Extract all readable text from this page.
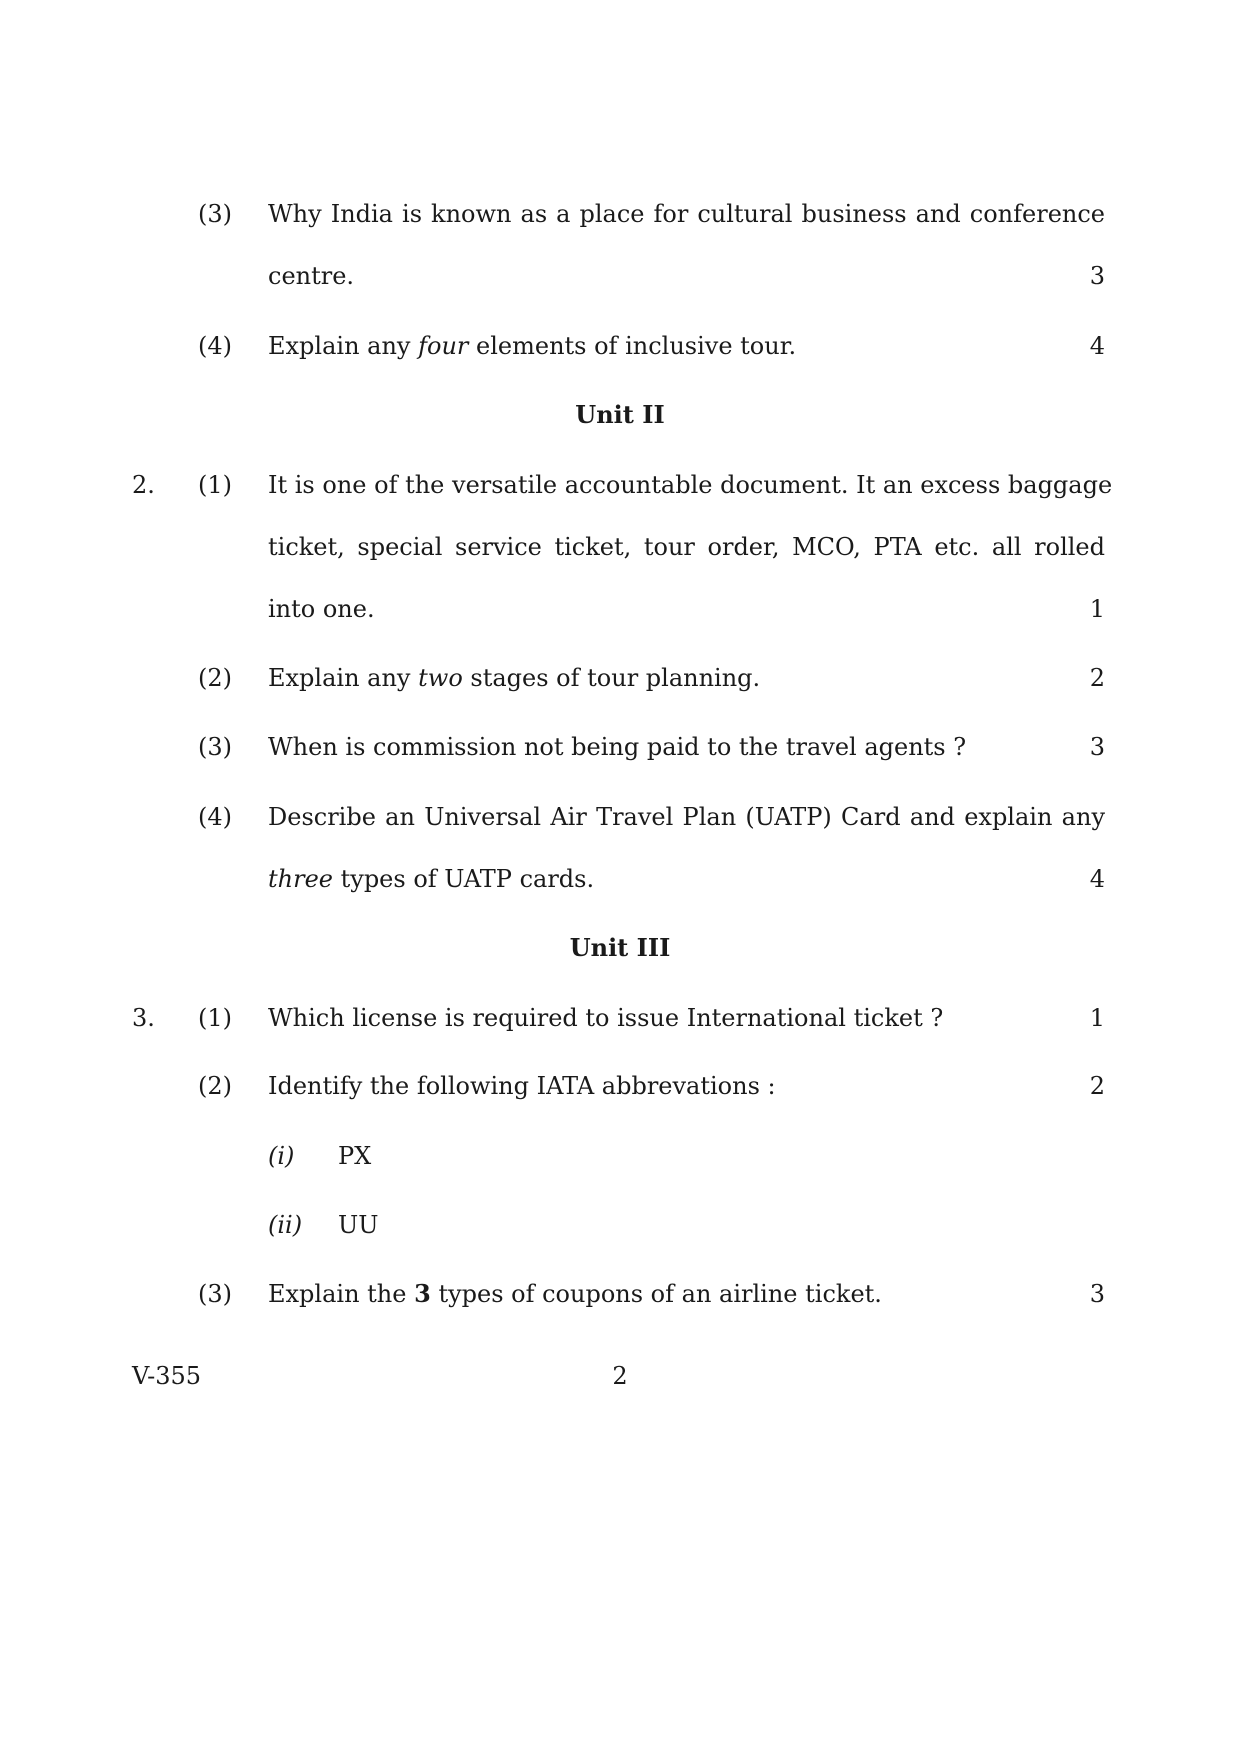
(3) Why India is known as a place for cultural business and conference
centre.	3
(4) Explain any four elements of inclusive tour.	4
Unit II
2. (1) It is one of the versatile accountable document. It an excess baggage
ticket, special service ticket, tour order, MCO, PTA etc. all rolled
into one.	1
(2) Explain any two stages of tour planning.	2
(3) When is commission not being paid to the travel agents ?	3
(4) Describe an Universal Air Travel Plan (UATP) Card and explain any
three types of UATP cards.	4
Unit III
3. (1) Which license is required to issue International ticket ?	1
(2) Identify the following IATA abbrevations :	2
(i) PX
(ii) UU
(3) Explain the 3 types of coupons of an airline ticket.	3
V-355	2
